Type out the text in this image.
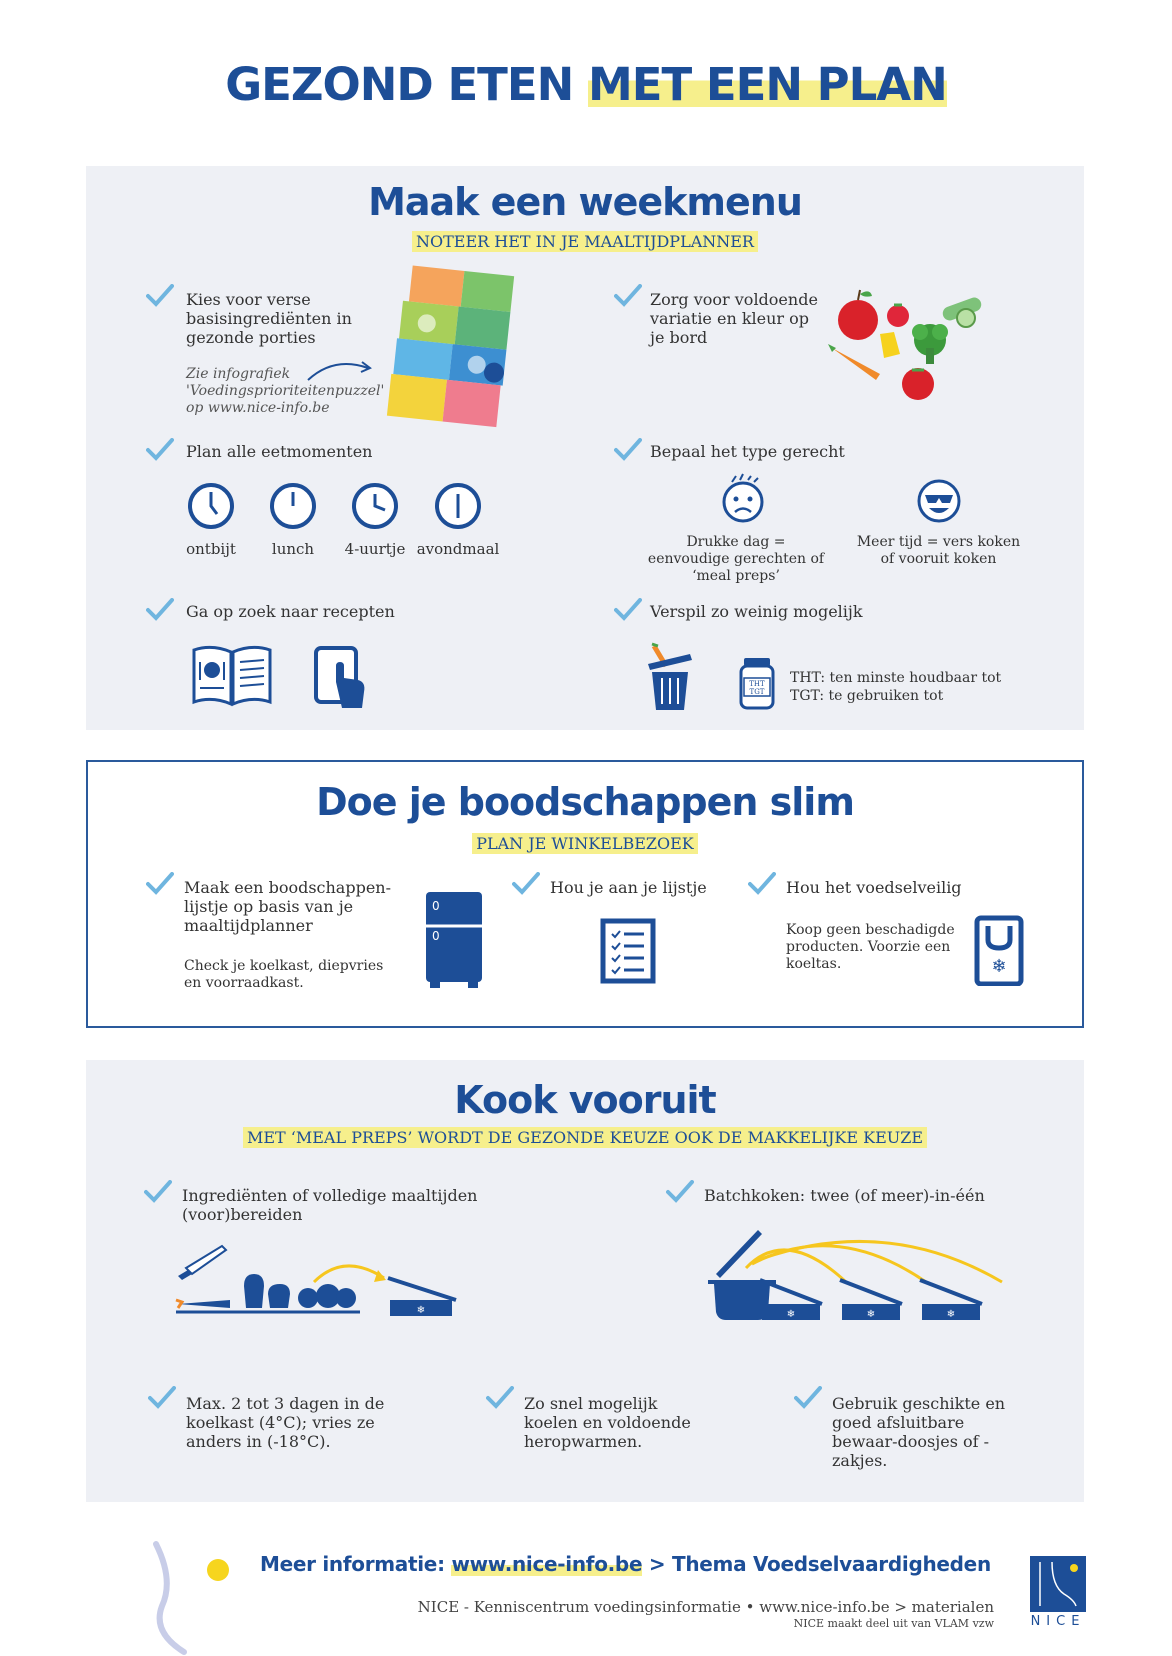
GEZOND ETEN MET EEN PLAN
Maak een weekmenu
NOTEER HET IN JE MAALTIJDPLANNER
Kies voor verse basisingrediënten in gezonde porties
Zie infografiek 'Voedingsprioriteitenpuzzel' op www.nice-info.be
Zorg voor voldoende variatie en kleur op je bord
Plan alle eetmomenten
ontbijt	lunch	4-uurtje avondmaal
Bepaal het type gerecht
Drukke dag = eenvoudige gerechten of ‘meal preps’
Meer tijd = vers koken of vooruit koken
Ga op zoek naar recepten	Verspil zo weinig mogelijk
THT
TGT
THT: ten minste houdbaar tot
TGT: te gebruiken tot
Doe je boodschappen slim
PLAN JE WINKELBEZOEK
Maak een boodschappen-lijstje op basis van je maaltijdplanner
Check je koelkast, diepvries en voorraadkast.
0
0
Hou je aan je lijstje	Hou het voedselveilig
Koop geen beschadigde producten. Voorzie een koeltas.	❄
Kook vooruit
MET ‘MEAL PREPS’ WORDT DE GEZONDE KEUZE OOK DE MAKKELIJKE KEUZE
Ingrediënten of volledige maaltijden (voor)bereiden
❄
Batchkoken: twee (of meer)-in-één
❄	❄	❄
Max. 2 tot 3 dagen in de koelkast (4°C); vries ze anders in (-18°C).
Zo snel mogelijk koelen en voldoende heropwarmen.
Gebruik geschikte en goed afsluitbare bewaar-doosjes of -zakjes.
Meer informatie: www.nice-info.be > Thema Voedselvaardigheden
NICE - Kenniscentrum voedingsinformatie • www.nice-info.be > materialen
NICE maakt deel uit van VLAM vzw	NICE
